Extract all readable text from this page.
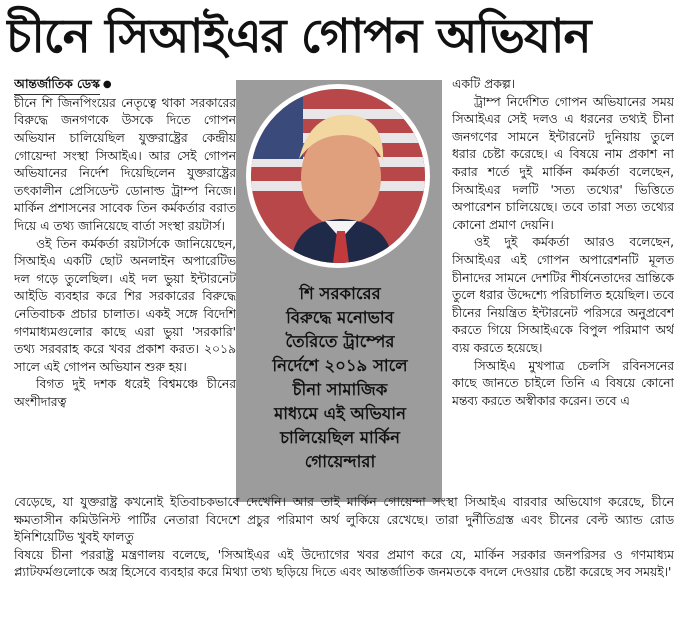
চীনে সিআইএর গোপন অভিযান

আন্তর্জাতিক ডেস্ক ●

চীনে শি জিনপিংয়ের নেতৃত্বে থাকা সরকারের বিরুদ্ধে জনগণকে উসকে দিতে গোপন অভিযান চালিয়েছিল যুক্তরাষ্ট্রের কেন্দ্রীয় গোয়েন্দা সংস্থা সিআইএ। আর সেই গোপন অভিযানের নির্দেশ দিয়েছিলেন যুক্তরাষ্ট্রের তৎকালীন প্রেসিডেন্ট ডোনাল্ড ট্রাম্প নিজে। মার্কিন প্রশাসনের সাবেক তিন কর্মকর্তার বরাত দিয়ে এ তথ্য জানিয়েছে বার্তা সংস্থা রয়টার্স।

ওই তিন কর্মকর্তা রয়টার্সকে জানিয়েছেন, সিআইএ একটি ছোট অনলাইন অপারেটিভ দল গড়ে তুলেছিল। এই দল ভুয়া ইন্টারনেট আইডি ব্যবহার করে শির সরকারের বিরুদ্ধে নেতিবাচক প্রচার চালাত। একই সঙ্গে বিদেশি গণমাধ্যমগুলোর কাছে এরা ভুয়া 'সরকারি' তথ্য সরবরাহ করে খবর প্রকাশ করত। ২০১৯ সালে এই গোপন অভিযান শুরু হয়।

বিগত দুই দশক ধরেই বিশ্বমঞ্চে চীনের অংশীদারত্ব

শি সরকারের
বিরুদ্ধে মনোভাব
তৈরিতে ট্রাম্পের
নির্দেশে ২০১৯ সালে
চীনা সামাজিক
মাধ্যমে এই অভিযান
চালিয়েছিল মার্কিন
গোয়েন্দারা

একটি প্রকল্প।

ট্রাম্প নির্দেশিত গোপন অভিযানের সময় সিআইএর সেই দলও এ ধরনের তথ্যই চীনা জনগণের সামনে ইন্টারনেট দুনিয়ায় তুলে ধরার চেষ্টা করেছে। এ বিষয়ে নাম প্রকাশ না করার শর্তে দুই মার্কিন কর্মকর্তা বলেছেন, সিআইএর দলটি 'সত্য তথ্যের' ভিত্তিতে অপারেশন চালিয়েছে। তবে তারা সত্য তথ্যের কোনো প্রমাণ দেয়নি।

ওই দুই কর্মকর্তা আরও বলেছেন, সিআইএর এই গোপন অপারেশনটি মূলত চীনাদের সামনে দেশটির শীর্ষনেতাদের ভ্রান্তিকে তুলে ধরার উদ্দেশ্যে পরিচালিত হয়েছিল। তবে চীনের নিয়ন্ত্রিত ইন্টারনেট পরিসরে অনুপ্রবেশ করতে গিয়ে সিআইএকে বিপুল পরিমাণ অর্থ ব্যয় করতে হয়েছে।

সিআইএ মুখপাত্র চেলসি রবিনসনের কাছে জানতে চাইলে তিনি এ বিষয়ে কোনো মন্তব্য করতে অস্বীকার করেন। তবে এ

বেড়েছে, যা যুক্তরাষ্ট্র কখনোই ইতিবাচকভাবে দেখেনি। আর তাই মার্কিন গোয়েন্দা সংস্থা সিআইএ বারবার অভিযোগ করেছে, চীনে ক্ষমতাসীন কমিউনিস্ট পার্টির নেতারা বিদেশে প্রচুর পরিমাণ অর্থ লুকিয়ে রেখেছে। তারা দুর্নীতিগ্রস্ত এবং চীনের বেল্ট অ্যান্ড রোড ইনিশিয়েটিভ খুবই ফালতু

বিষয়ে চীনা পররাষ্ট্র মন্ত্রণালয় বলেছে, 'সিআইএর এই উদ্যোগের খবর প্রমাণ করে যে, মার্কিন সরকার জনপরিসর ও গণমাধ্যম প্ল্যাটফর্মগুলোকে অস্ত্র হিসেবে ব্যবহার করে মিথ্যা তথ্য ছড়িয়ে দিতে এবং আন্তর্জাতিক জনমতকে বদলে দেওয়ার চেষ্টা করেছে সব সময়ই।'
